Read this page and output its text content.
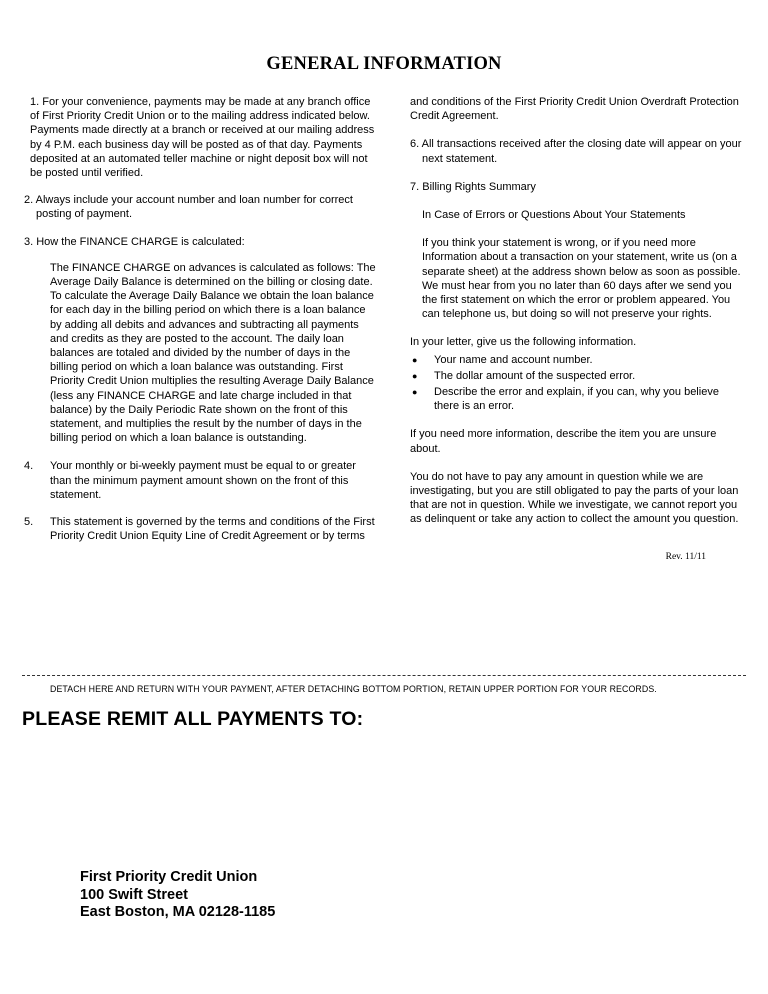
GENERAL INFORMATION

1. For your convenience, payments may be made at any branch office of First Priority Credit Union or to the mailing address indicated below. Payments made directly at a branch or received at our mailing address by 4 P.M. each business day will be posted as of that day. Payments deposited at an automated teller machine or night deposit box will not be posted until verified.

2. Always include your account number and loan number for correct posting of payment.

3. How the FINANCE CHARGE is calculated:

The FINANCE CHARGE on advances is calculated as follows: The Average Daily Balance is determined on the billing or closing date. To calculate the Average Daily Balance we obtain the loan balance for each day in the billing period on which there is a loan balance by adding all debits and advances and subtracting all payments and credits as they are posted to the account. The daily loan balances are totaled and divided by the number of days in the billing period on which a loan balance was outstanding. First Priority Credit Union multiplies the resulting Average Daily Balance (less any FINANCE CHARGE and late charge included in that balance) by the Daily Periodic Rate shown on the front of this statement, and multiplies the result by the number of days in the billing period on which a loan balance is outstanding.
4.	Your monthly or bi-weekly payment must be equal to or greater than the minimum payment amount shown on the front of this statement.
5.	This statement is governed by the terms and conditions of the First Priority Credit Union Equity Line of Credit Agreement or by terms

and conditions of the First Priority Credit Union Overdraft Protection Credit Agreement.

6. All transactions received after the closing date will appear on your next statement.

7. Billing Rights Summary

In Case of Errors or Questions About Your Statements

If you think your statement is wrong, or if you need more Information about a transaction on your statement, write us (on a separate sheet) at the address shown below as soon as possible. We must hear from you no later than 60 days after we send you the first statement on which the error or problem appeared. You can telephone us, but doing so will not preserve your rights.

In your letter, give us the following information.

●	Your name and account number.
●	The dollar amount of the suspected error.
●	Describe the error and explain, if you can, why you believe there is an error.

If you need more information, describe the item you are unsure about.

You do not have to pay any amount in question while we are investigating, but you are still obligated to pay the parts of your loan that are not in question. While we investigate, we cannot report you as delinquent or take any action to collect the amount you question.

Rev. 11/11
DETACH HERE AND RETURN WITH YOUR PAYMENT, AFTER DETACHING BOTTOM PORTION, RETAIN UPPER PORTION FOR YOUR RECORDS.
PLEASE REMIT ALL PAYMENTS TO:
First Priority Credit Union
100 Swift Street
East Boston, MA 02128-1185
